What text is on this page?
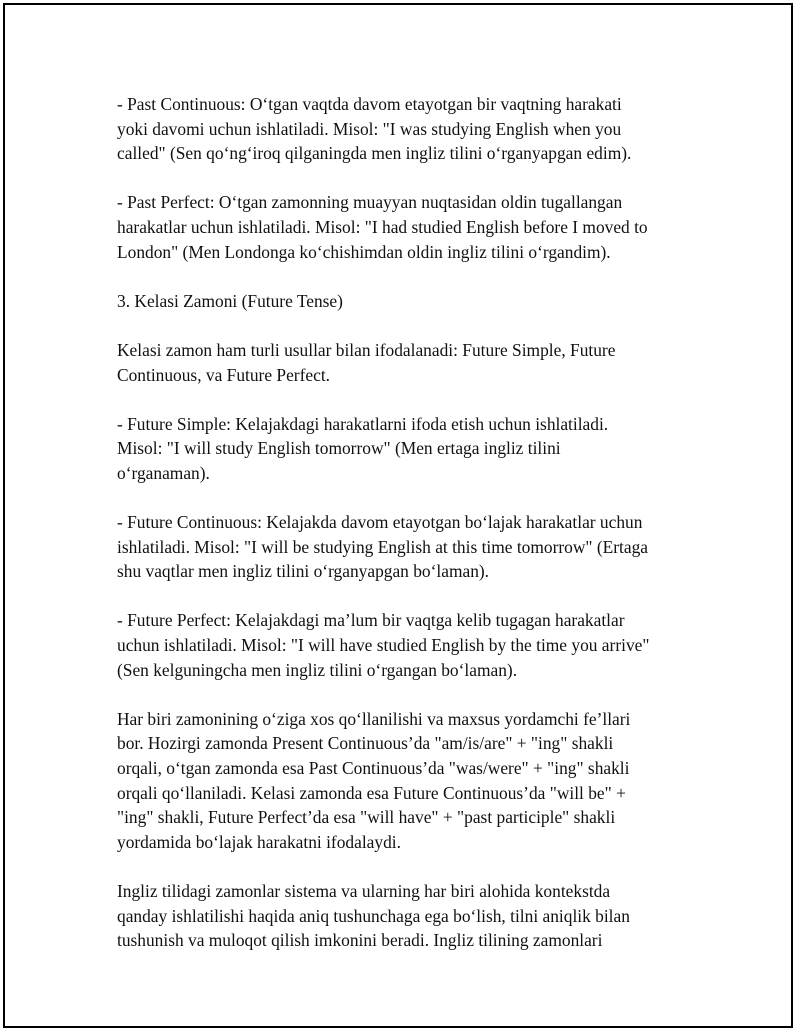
- Past Continuous: O‘tgan vaqtda davom etayotgan bir vaqtning harakati
yoki davomi uchun ishlatiladi. Misol: "I was studying English when you
called" (Sen qo‘ng‘iroq qilganingda men ingliz tilini o‘rganyapgan edim).

- Past Perfect: O‘tgan zamonning muayyan nuqtasidan oldin tugallangan
harakatlar uchun ishlatiladi. Misol: "I had studied English before I moved to
London" (Men Londonga ko‘chishimdan oldin ingliz tilini o‘rgandim).

3. Kelasi Zamoni (Future Tense)

Kelasi zamon ham turli usullar bilan ifodalanadi: Future Simple, Future
Continuous, va Future Perfect.

- Future Simple: Kelajakdagi harakatlarni ifoda etish uchun ishlatiladi.
Misol: "I will study English tomorrow" (Men ertaga ingliz tilini
o‘rganaman).

- Future Continuous: Kelajakda davom etayotgan bo‘lajak harakatlar uchun
ishlatiladi. Misol: "I will be studying English at this time tomorrow" (Ertaga
shu vaqtlar men ingliz tilini o‘rganyapgan bo‘laman).

- Future Perfect: Kelajakdagi ma’lum bir vaqtga kelib tugagan harakatlar
uchun ishlatiladi. Misol: "I will have studied English by the time you arrive"
(Sen kelguningcha men ingliz tilini o‘rgangan bo‘laman).

Har biri zamonining o‘ziga xos qo‘llanilishi va maxsus yordamchi fe’llari
bor. Hozirgi zamonda Present Continuous’da "am/is/are" + "ing" shakli
orqali, o‘tgan zamonda esa Past Continuous’da "was/were" + "ing" shakli
orqali qo‘llaniladi. Kelasi zamonda esa Future Continuous’da "will be" +
"ing" shakli, Future Perfect’da esa "will have" + "past participle" shakli
yordamida bo‘lajak harakatni ifodalaydi.

Ingliz tilidagi zamonlar sistema va ularning har biri alohida kontekstda
qanday ishlatilishi haqida aniq tushunchaga ega bo‘lish, tilni aniqlik bilan
tushunish va muloqot qilish imkonini beradi. Ingliz tilining zamonlari
